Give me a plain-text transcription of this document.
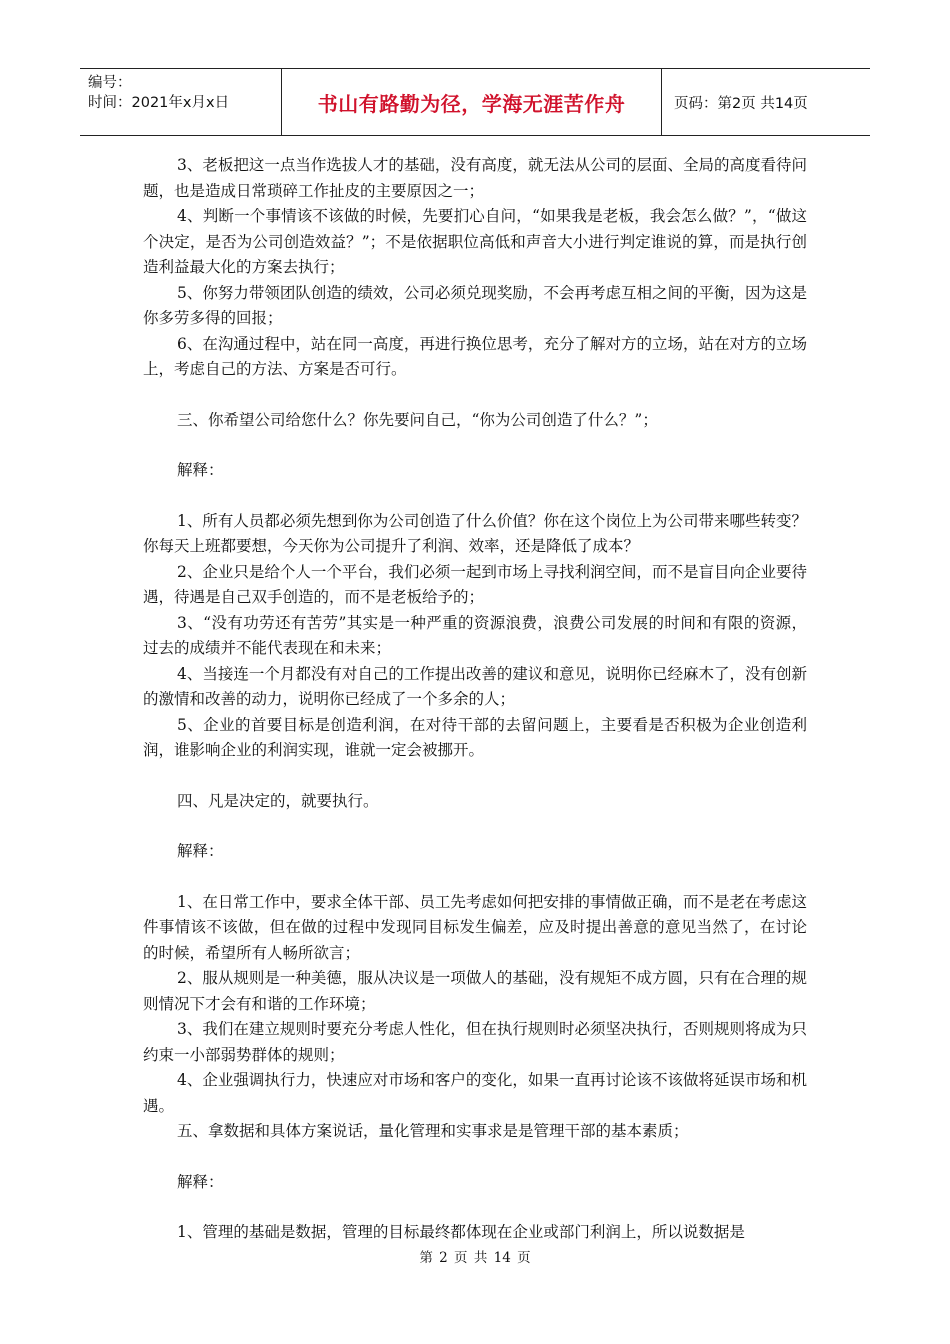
编号：
时间：2021年x月x日	书山有路勤为径，学海无涯苦作舟	页码：第2页 共14页

3、老板把这一点当作选拔人才的基础，没有高度，就无法从公司的层面、全局的高度看待问题，也是造成日常琐碎工作扯皮的主要原因之一；

4、判断一个事情该不该做的时候，先要扪心自问，“如果我是老板，我会怎么做？”，“做这个决定，是否为公司创造效益？”；不是依据职位高低和声音大小进行判定谁说的算，而是执行创造利益最大化的方案去执行；

5、你努力带领团队创造的绩效，公司必须兑现奖励，不会再考虑互相之间的平衡，因为这是你多劳多得的回报；

6、在沟通过程中，站在同一高度，再进行换位思考，充分了解对方的立场，站在对方的立场上，考虑自己的方法、方案是否可行。

三、你希望公司给您什么？你先要问自己，“你为公司创造了什么？”；

解释：

1、所有人员都必须先想到你为公司创造了什么价值？你在这个岗位上为公司带来哪些转变？你每天上班都要想，今天你为公司提升了利润、效率，还是降低了成本？

2、企业只是给个人一个平台，我们必须一起到市场上寻找利润空间，而不是盲目向企业要待遇，待遇是自己双手创造的，而不是老板给予的；

3、“没有功劳还有苦劳”其实是一种严重的资源浪费，浪费公司发展的时间和有限的资源，过去的成绩并不能代表现在和未来；

4、当接连一个月都没有对自己的工作提出改善的建议和意见，说明你已经麻木了，没有创新的激情和改善的动力，说明你已经成了一个多余的人；

5、企业的首要目标是创造利润，在对待干部的去留问题上，主要看是否积极为企业创造利润，谁影响企业的利润实现，谁就一定会被挪开。

四、凡是决定的，就要执行。

解释：

1、在日常工作中，要求全体干部、员工先考虑如何把安排的事情做正确，而不是老在考虑这件事情该不该做，但在做的过程中发现同目标发生偏差，应及时提出善意的意见当然了，在讨论的时候，希望所有人畅所欲言；

2、服从规则是一种美德，服从决议是一项做人的基础，没有规矩不成方圆，只有在合理的规则情况下才会有和谐的工作环境；

3、我们在建立规则时要充分考虑人性化，但在执行规则时必须坚决执行，否则规则将成为只约束一小部弱势群体的规则；

4、企业强调执行力，快速应对市场和客户的变化，如果一直再讨论该不该做将延误市场和机遇。

五、拿数据和具体方案说话，量化管理和实事求是是管理干部的基本素质；

解释：

1、管理的基础是数据，管理的目标最终都体现在企业或部门利润上，所以说数据是

第 2 页 共 14 页
